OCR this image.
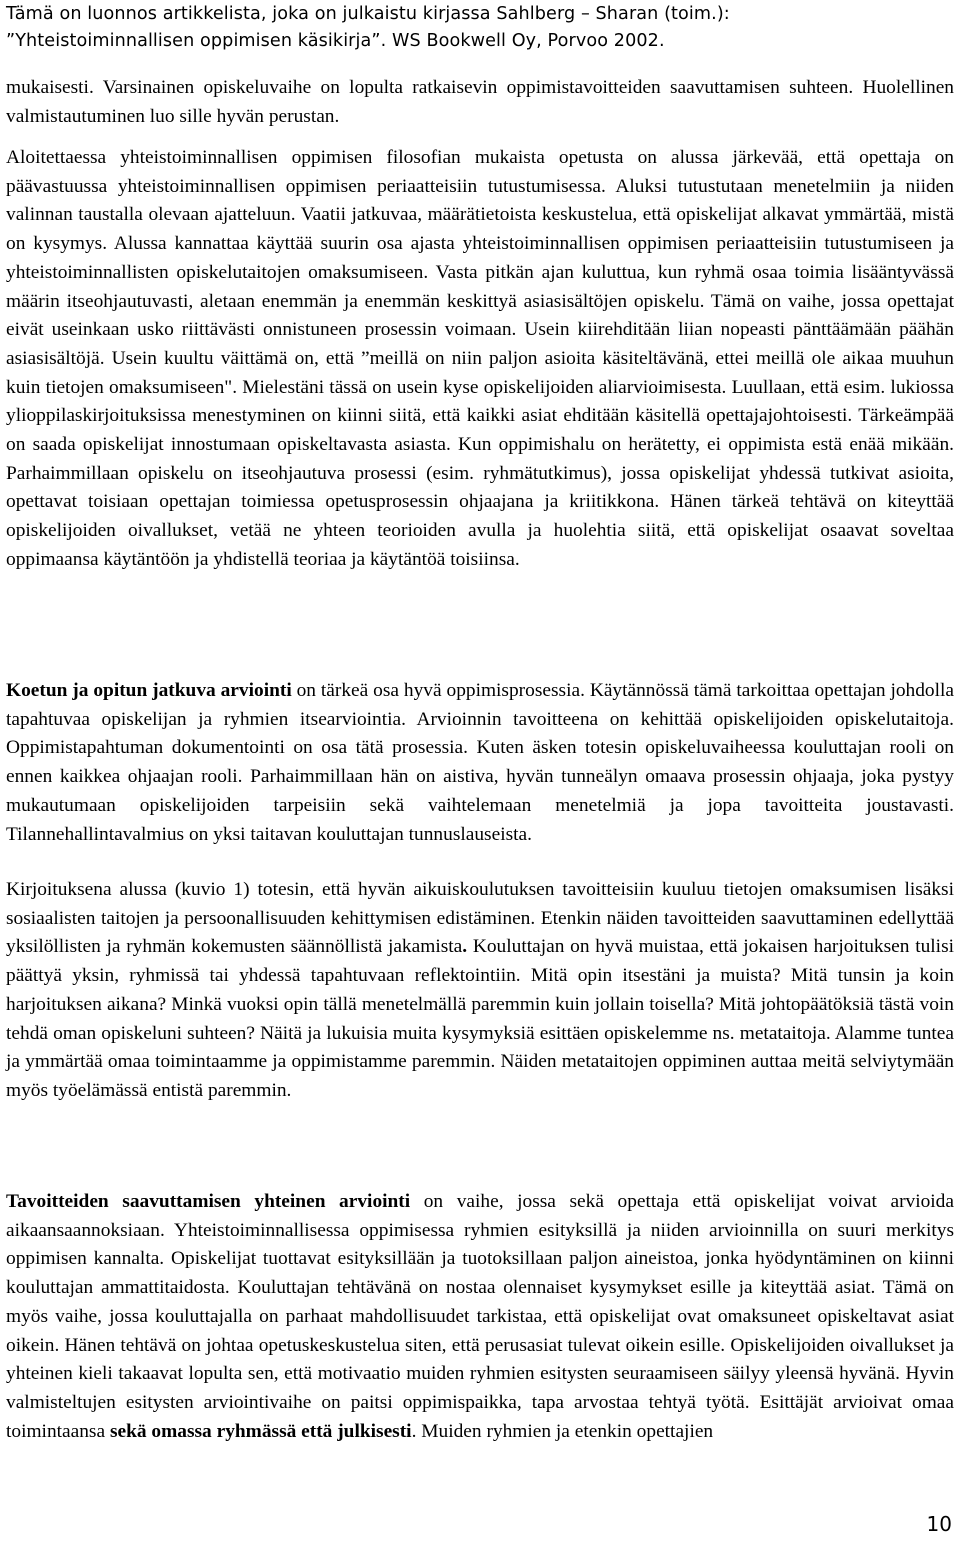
Tämä on luonnos artikkelista, joka on julkaistu kirjassa Sahlberg – Sharan (toim.):
”Yhteistoiminnallisen oppimisen käsikirja”. WS Bookwell Oy, Porvoo 2002.

mukaisesti. Varsinainen opiskeluvaihe on lopulta ratkaisevin oppimistavoitteiden saavuttamisen suhteen. Huolellinen valmistautuminen luo sille hyvän perustan.

Aloitettaessa yhteistoiminnallisen oppimisen filosofian mukaista opetusta on alussa järkevää, että opettaja on päävastuussa yhteistoiminnallisen oppimisen periaatteisiin tutustumisessa. Aluksi tutustutaan menetelmiin ja niiden valinnan taustalla olevaan ajatteluun. Vaatii jatkuvaa, määrätietoista keskustelua, että opiskelijat alkavat ymmärtää, mistä on kysymys. Alussa kannattaa käyttää suurin osa ajasta yhteistoiminnallisen oppimisen periaatteisiin tutustumiseen ja yhteistoiminnallisten opiskelutaitojen omaksumiseen. Vasta pitkän ajan kuluttua, kun ryhmä osaa toimia lisääntyvässä määrin itseohjautuvasti, aletaan enemmän ja enemmän keskittyä asiasisältöjen opiskelu. Tämä on vaihe, jossa opettajat eivät useinkaan usko riittävästi onnistuneen prosessin voimaan. Usein kiirehditään liian nopeasti pänttäämään päähän asiasisältöjä. Usein kuultu väittämä on, että ”meillä on niin paljon asioita käsiteltävänä, ettei meillä ole aikaa muuhun kuin tietojen omaksumiseen". Mielestäni tässä on usein kyse opiskelijoiden aliarvioimisesta. Luullaan, että esim. lukiossa ylioppilaskirjoituksissa menestyminen on kiinni siitä, että kaikki asiat ehditään käsitellä opettajajohtoisesti. Tärkeämpää on saada opiskelijat innostumaan opiskeltavasta asiasta. Kun oppimishalu on herätetty, ei oppimista estä enää mikään. Parhaimmillaan opiskelu on itseohjautuva prosessi (esim. ryhmätutkimus), jossa opiskelijat yhdessä tutkivat asioita, opettavat toisiaan opettajan toimiessa opetusprosessin ohjaajana ja kriitikkona. Hänen tärkeä tehtävä on kiteyttää opiskelijoiden oivallukset, vetää ne yhteen teorioiden avulla ja huolehtia siitä, että opiskelijat osaavat soveltaa oppimaansa käytäntöön ja yhdistellä teoriaa ja käytäntöä toisiinsa.

Koetun ja opitun jatkuva arviointi on tärkeä osa hyvä oppimisprosessia. Käytännössä tämä tarkoittaa opettajan johdolla tapahtuvaa opiskelijan ja ryhmien itsearviointia. Arvioinnin tavoitteena on kehittää opiskelijoiden opiskelutaitoja. Oppimistapahtuman dokumentointi on osa tätä prosessia. Kuten äsken totesin opiskeluvaiheessa kouluttajan rooli on ennen kaikkea ohjaajan rooli. Parhaimmillaan hän on aistiva, hyvän tunneälyn omaava prosessin ohjaaja, joka pystyy mukautumaan opiskelijoiden tarpeisiin sekä vaihtelemaan menetelmiä ja jopa tavoitteita joustavasti. Tilannehallintavalmius on yksi taitavan kouluttajan tunnuslauseista.

Kirjoituksena alussa (kuvio 1) totesin, että hyvän aikuiskoulutuksen tavoitteisiin kuuluu tietojen omaksumisen lisäksi sosiaalisten taitojen ja persoonallisuuden kehittymisen edistäminen. Etenkin näiden tavoitteiden saavuttaminen edellyttää yksilöllisten ja ryhmän kokemusten säännöllistä jakamista. Kouluttajan on hyvä muistaa, että jokaisen harjoituksen tulisi päättyä yksin, ryhmissä tai yhdessä tapahtuvaan reflektointiin. Mitä opin itsestäni ja muista? Mitä tunsin ja koin harjoituksen aikana? Minkä vuoksi opin tällä menetelmällä paremmin kuin jollain toisella? Mitä johtopäätöksiä tästä voin tehdä oman opiskeluni suhteen? Näitä ja lukuisia muita kysymyksiä esittäen opiskelemme ns. metataitoja. Alamme tuntea ja ymmärtää omaa toimintaamme ja oppimistamme paremmin. Näiden metataitojen oppiminen auttaa meitä selviytymään myös työelämässä entistä paremmin.

Tavoitteiden saavuttamisen yhteinen arviointi on vaihe, jossa sekä opettaja että opiskelijat voivat arvioida aikaansaannoksiaan. Yhteistoiminnallisessa oppimisessa ryhmien esityksillä ja niiden arvioinnilla on suuri merkitys oppimisen kannalta. Opiskelijat tuottavat esityksillään ja tuotoksillaan paljon aineistoa, jonka hyödyntäminen on kiinni kouluttajan ammattitaidosta. Kouluttajan tehtävänä on nostaa olennaiset kysymykset esille ja kiteyttää asiat. Tämä on myös vaihe, jossa kouluttajalla on parhaat mahdollisuudet tarkistaa, että opiskelijat ovat omaksuneet opiskeltavat asiat oikein. Hänen tehtävä on johtaa opetuskeskustelua siten, että perusasiat tulevat oikein esille. Opiskelijoiden oivallukset ja yhteinen kieli takaavat lopulta sen, että motivaatio muiden ryhmien esitysten seuraamiseen säilyy yleensä hyvänä. Hyvin valmisteltujen esitysten arviointivaihe on paitsi oppimispaikka, tapa arvostaa tehtyä työtä. Esittäjät arvioivat omaa toimintaansa sekä omassa ryhmässä että julkisesti. Muiden ryhmien ja etenkin opettajien

10
